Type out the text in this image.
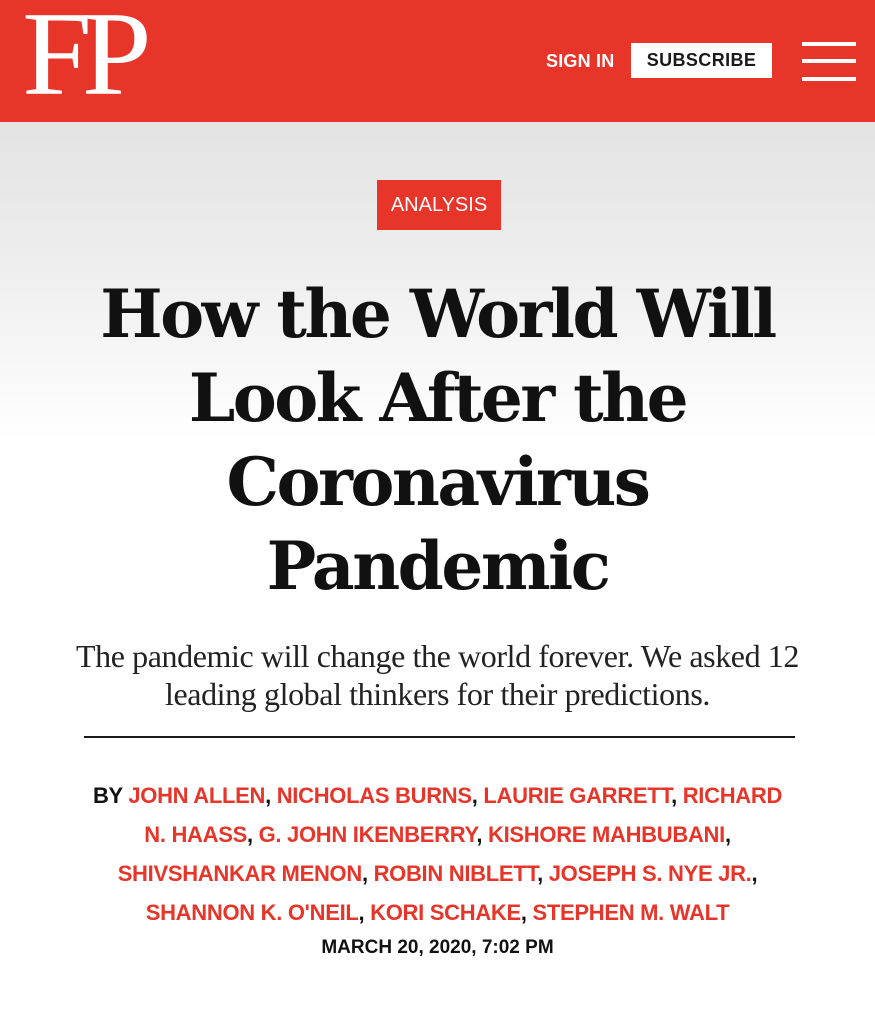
FP	SIGN IN	SUBSCRIBE
ANALYSIS
How the World Will Look After the Coronavirus Pandemic

The pandemic will change the world forever. We asked 12 leading global thinkers for their predictions.

BY JOHN ALLEN, NICHOLAS BURNS, LAURIE GARRETT, RICHARD N. HAASS, G. JOHN IKENBERRY, KISHORE MAHBUBANI, SHIVSHANKAR MENON, ROBIN NIBLETT, JOSEPH S. NYE JR., SHANNON K. O'NEIL, KORI SCHAKE, STEPHEN M. WALT

MARCH 20, 2020, 7:02 PM
